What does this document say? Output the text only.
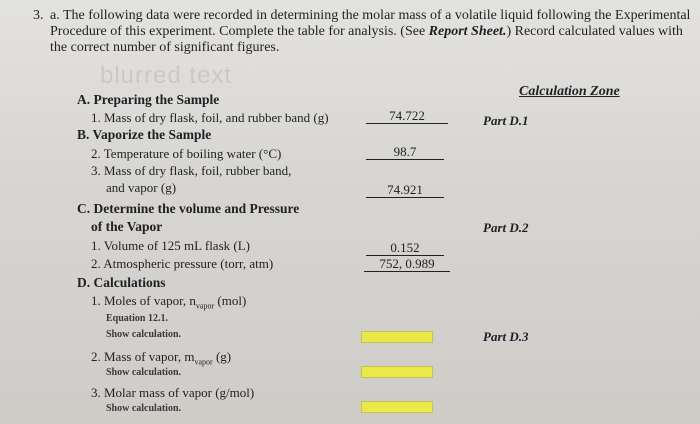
blurred text
3. a. The following data were recorded in determining the molar mass of a volatile liquid following the Experimental
Procedure of this experiment. Complete the table for analysis. (See Report Sheet.) Record calculated values with
the correct number of significant figures.
Calculation Zone
A. Preparing the Sample
1. Mass of dry flask, foil, and rubber band (g)	74.722	Part D.1
B. Vaporize the Sample
2. Temperature of boiling water (°C)	98.7
3. Mass of dry flask, foil, rubber band,
and vapor (g)	74.921
C. Determine the volume and Pressure
of the Vapor	Part D.2
1. Volume of 125 mL flask (L)	0.152
2. Atmospheric pressure (torr, atm)	752, 0.989
D. Calculations
1. Moles of vapor, $n_{vapor}$ (mol)
Equation 12.1.
Show calculation.	Part D.3
2. Mass of vapor, $m_{vapor}$ (g)
Show calculation.
3. Molar mass of vapor (g/mol)
Show calculation.
